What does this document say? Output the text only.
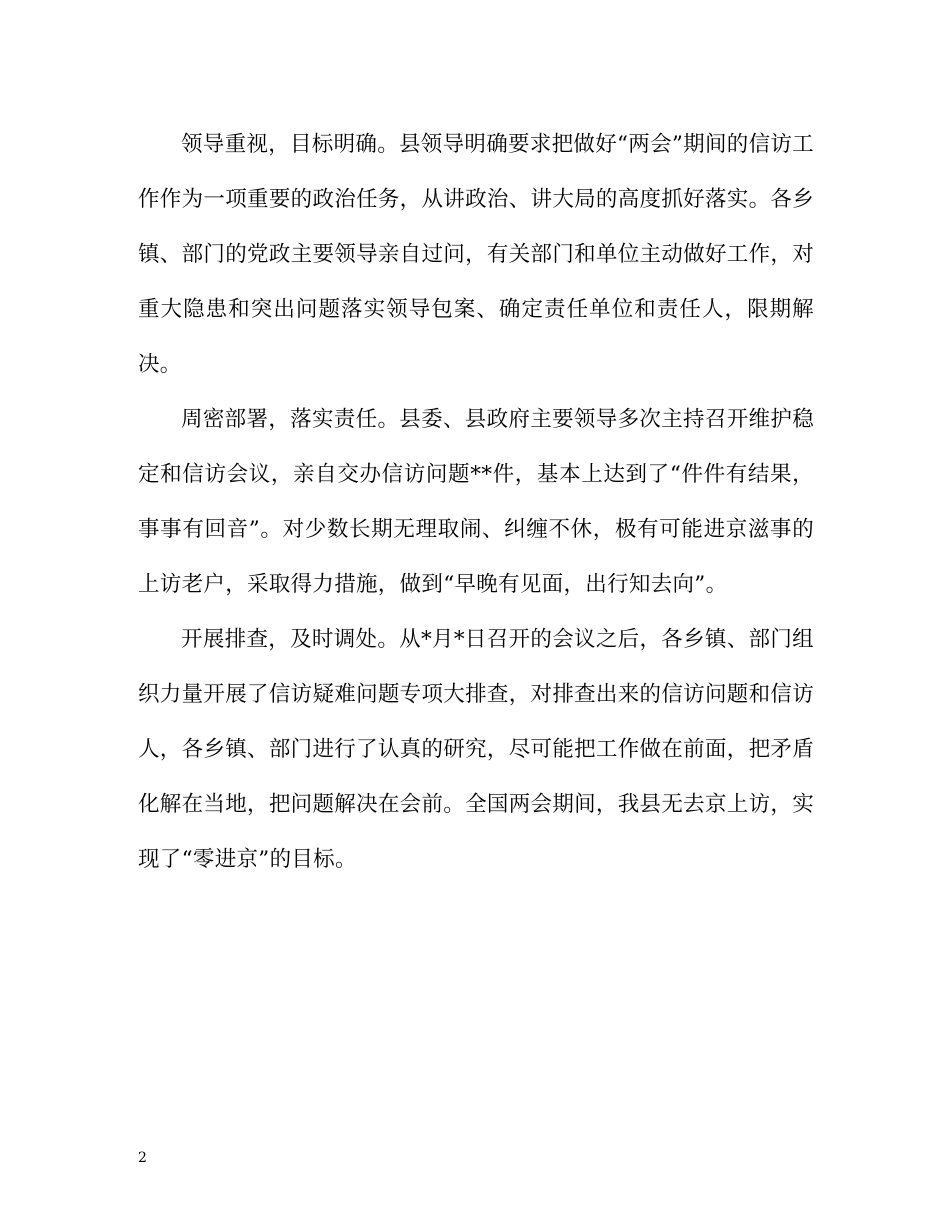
领导重视，目标明确。县领导明确要求把做好“两会”期间的信访工作作为一项重要的政治任务，从讲政治、讲大局的高度抓好落实。各乡镇、部门的党政主要领导亲自过问，有关部门和单位主动做好工作，对重大隐患和突出问题落实领导包案、确定责任单位和责任人，限期解决。

周密部署，落实责任。县委、县政府主要领导多次主持召开维护稳定和信访会议，亲自交办信访问题**件，基本上达到了“件件有结果，事事有回音”。对少数长期无理取闹、纠缠不休，极有可能进京滋事的上访老户，采取得力措施，做到“早晚有见面，出行知去向”。

开展排查，及时调处。从*月*日召开的会议之后，各乡镇、部门组织力量开展了信访疑难问题专项大排查，对排查出来的信访问题和信访人，各乡镇、部门进行了认真的研究，尽可能把工作做在前面，把矛盾化解在当地，把问题解决在会前。全国两会期间，我县无去京上访，实现了“零进京”的目标。

2
